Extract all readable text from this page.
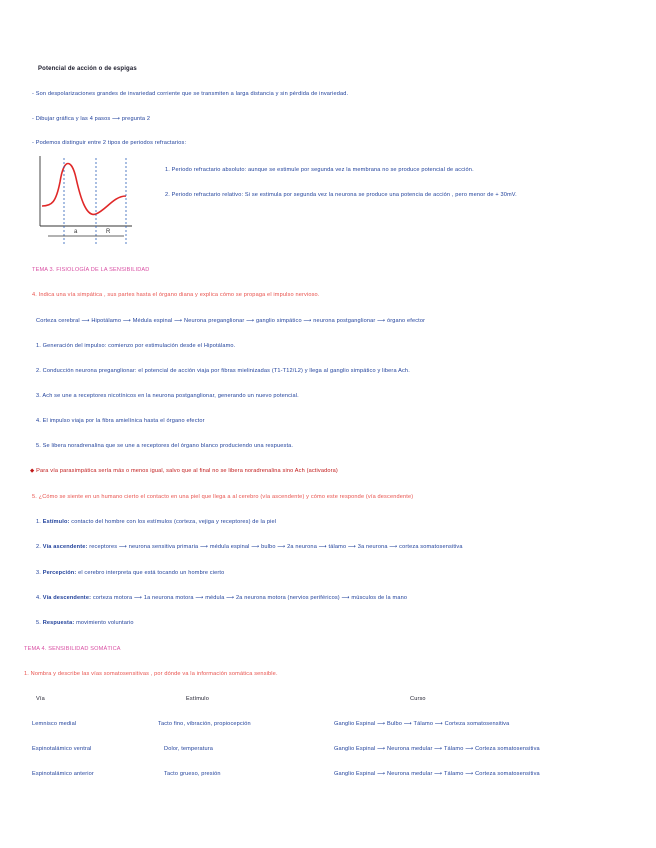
Potencial de acción o de espigas
- Son despolarizaciones grandes de invariedad corriente que se transmiten a larga distancia y sin pérdida de invariedad.
- Dibujar gráfica y las 4 pasos ⟶ pregunta 2
- Podemos distinguir entre 2 tipos de periodos refractarios:
a	R
1. Periodo refractario absoluto: aunque se estimule por segunda vez la membrana no se produce potencial de acción.
2. Periodo refractario relativo: Si se estimula por segunda vez la neurona se produce una potencia de acción , pero menor de + 30mV.
TEMA 3. FISIOLOGÍA DE LA SENSIBILIDAD
4. Indica una vía simpática , sus partes hasta el órgano diana y explica cómo se propaga el impulso nervioso.
Corteza cerebral ⟶ Hipotálamo ⟶ Médula espinal ⟶ Neurona preganglionar ⟶ ganglio simpático ⟶ neurona postganglionar ⟶ órgano efector
1. Generación del impulso: comienzo por estimulación desde el Hipotálamo.
2. Conducción neurona preganglionar: el potencial de acción viaja por fibras mielinizadas (T1-T12/L2) y llega al ganglio simpático y libera Ach.
3. Ach se une a receptores nicotínicos en la neurona postganglionar, generando un nuevo potencial.
4. El impulso viaja por la fibra amielínica hasta el órgano efector
5. Se libera noradrenalina que se une a receptores del órgano blanco produciendo una respuesta.
◆ Para vía parasimpática sería más o menos igual, salvo que al final no se libera noradrenalina sino Ach (activadora)
5. ¿Cómo se siente en un humano cierto el contacto en una piel que llega a al cerebro (vía ascendente) y cómo este responde (vía descendente)
1. Estímulo: contacto del hombre con los estímulos (corteza, vejiga y receptores) de la piel
2. Vía ascendente: receptores ⟶ neurona sensitiva primaria ⟶ médula espinal ⟶ bulbo ⟶ 2a neurona ⟶ tálamo ⟶ 3a neurona ⟶ corteza somatosensitiva
3. Percepción: el cerebro interpreta que está tocando un hombre cierto
4. Vía descendente: corteza motora ⟶ 1a neurona motora ⟶ médula ⟶ 2a neurona motora (nervios periféricos) ⟶ músculos de la mano
5. Respuesta: movimiento voluntario
TEMA 4. SENSIBILIDAD SOMÁTICA
1. Nombra y describe las vías somatosensitivas , por dónde va la información somática sensible.
Vía	Estímulo	Curso
Lemnisco medial	Tacto fino, vibración, propiocepción	Ganglio Espinal ⟶ Bulbo ⟶ Tálamo ⟶ Corteza somatosensitiva
Espinotalámico ventral	Dolor, temperatura	Ganglio Espinal ⟶ Neurona medular ⟶ Tálamo ⟶ Corteza somatosensitiva
Espinotalámico anterior	Tacto grueso, presión	Ganglio Espinal ⟶ Neurona medular ⟶ Tálamo ⟶ Corteza somatosensitiva
